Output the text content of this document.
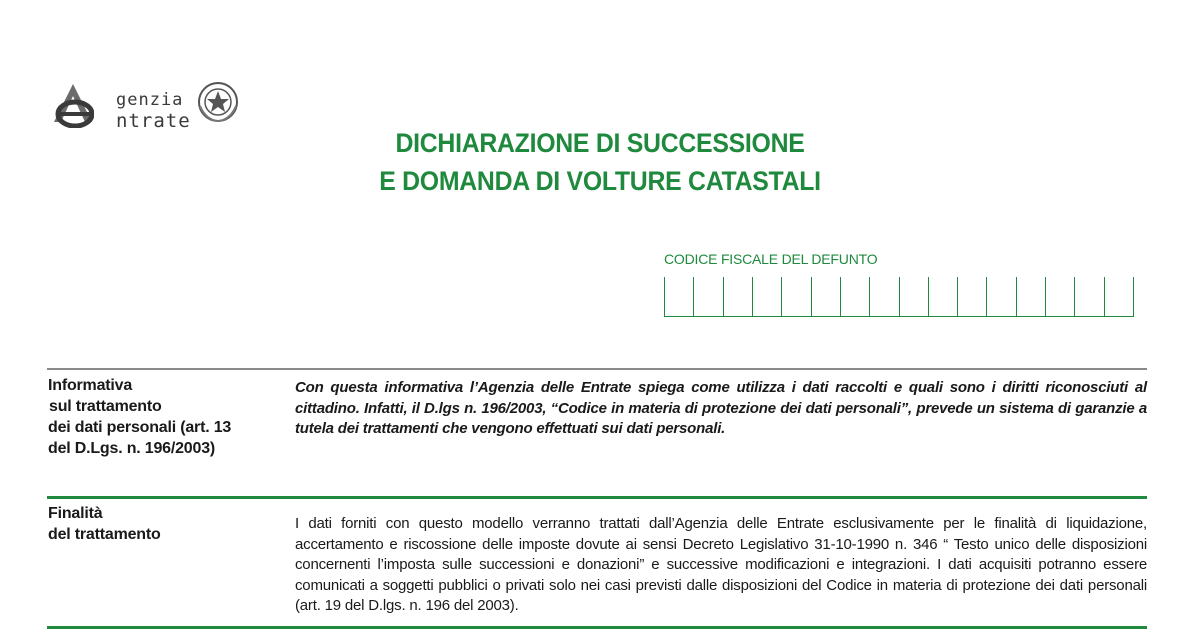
genzia
ntrate
DICHIARAZIONE DI SUCCESSIONE
E DOMANDA DI VOLTURE CATASTALI
CODICE FISCALE DEL DEFUNTO
Informativa
sul trattamento
dei dati personali (art. 13
del D.Lgs. n. 196/2003)

Con questa informativa l’Agenzia delle Entrate spiega come utilizza i dati raccolti e quali sono i diritti riconosciuti al cittadino. Infatti, il D.lgs n. 196/2003, “Codice in materia di protezione dei dati personali”, prevede un sistema di garanzie a tutela dei trattamenti che vengono effettuati sui dati personali.

Finalità
del trattamento

I dati forniti con questo modello verranno trattati dall’Agenzia delle Entrate esclusivamente per le finalità di liquidazione, accertamento e riscossione delle imposte dovute ai sensi Decreto Legislativo 31-10-1990 n. 346 “ Testo unico delle disposizioni concernenti l’imposta sulle successioni e donazioni” e successive modificazioni e integrazioni. I dati acquisiti potranno essere comunicati a soggetti pubblici o privati solo nei casi previsti dalle disposizioni del Codice in materia di protezione dei dati personali (art. 19 del D.lgs. n. 196 del 2003).
